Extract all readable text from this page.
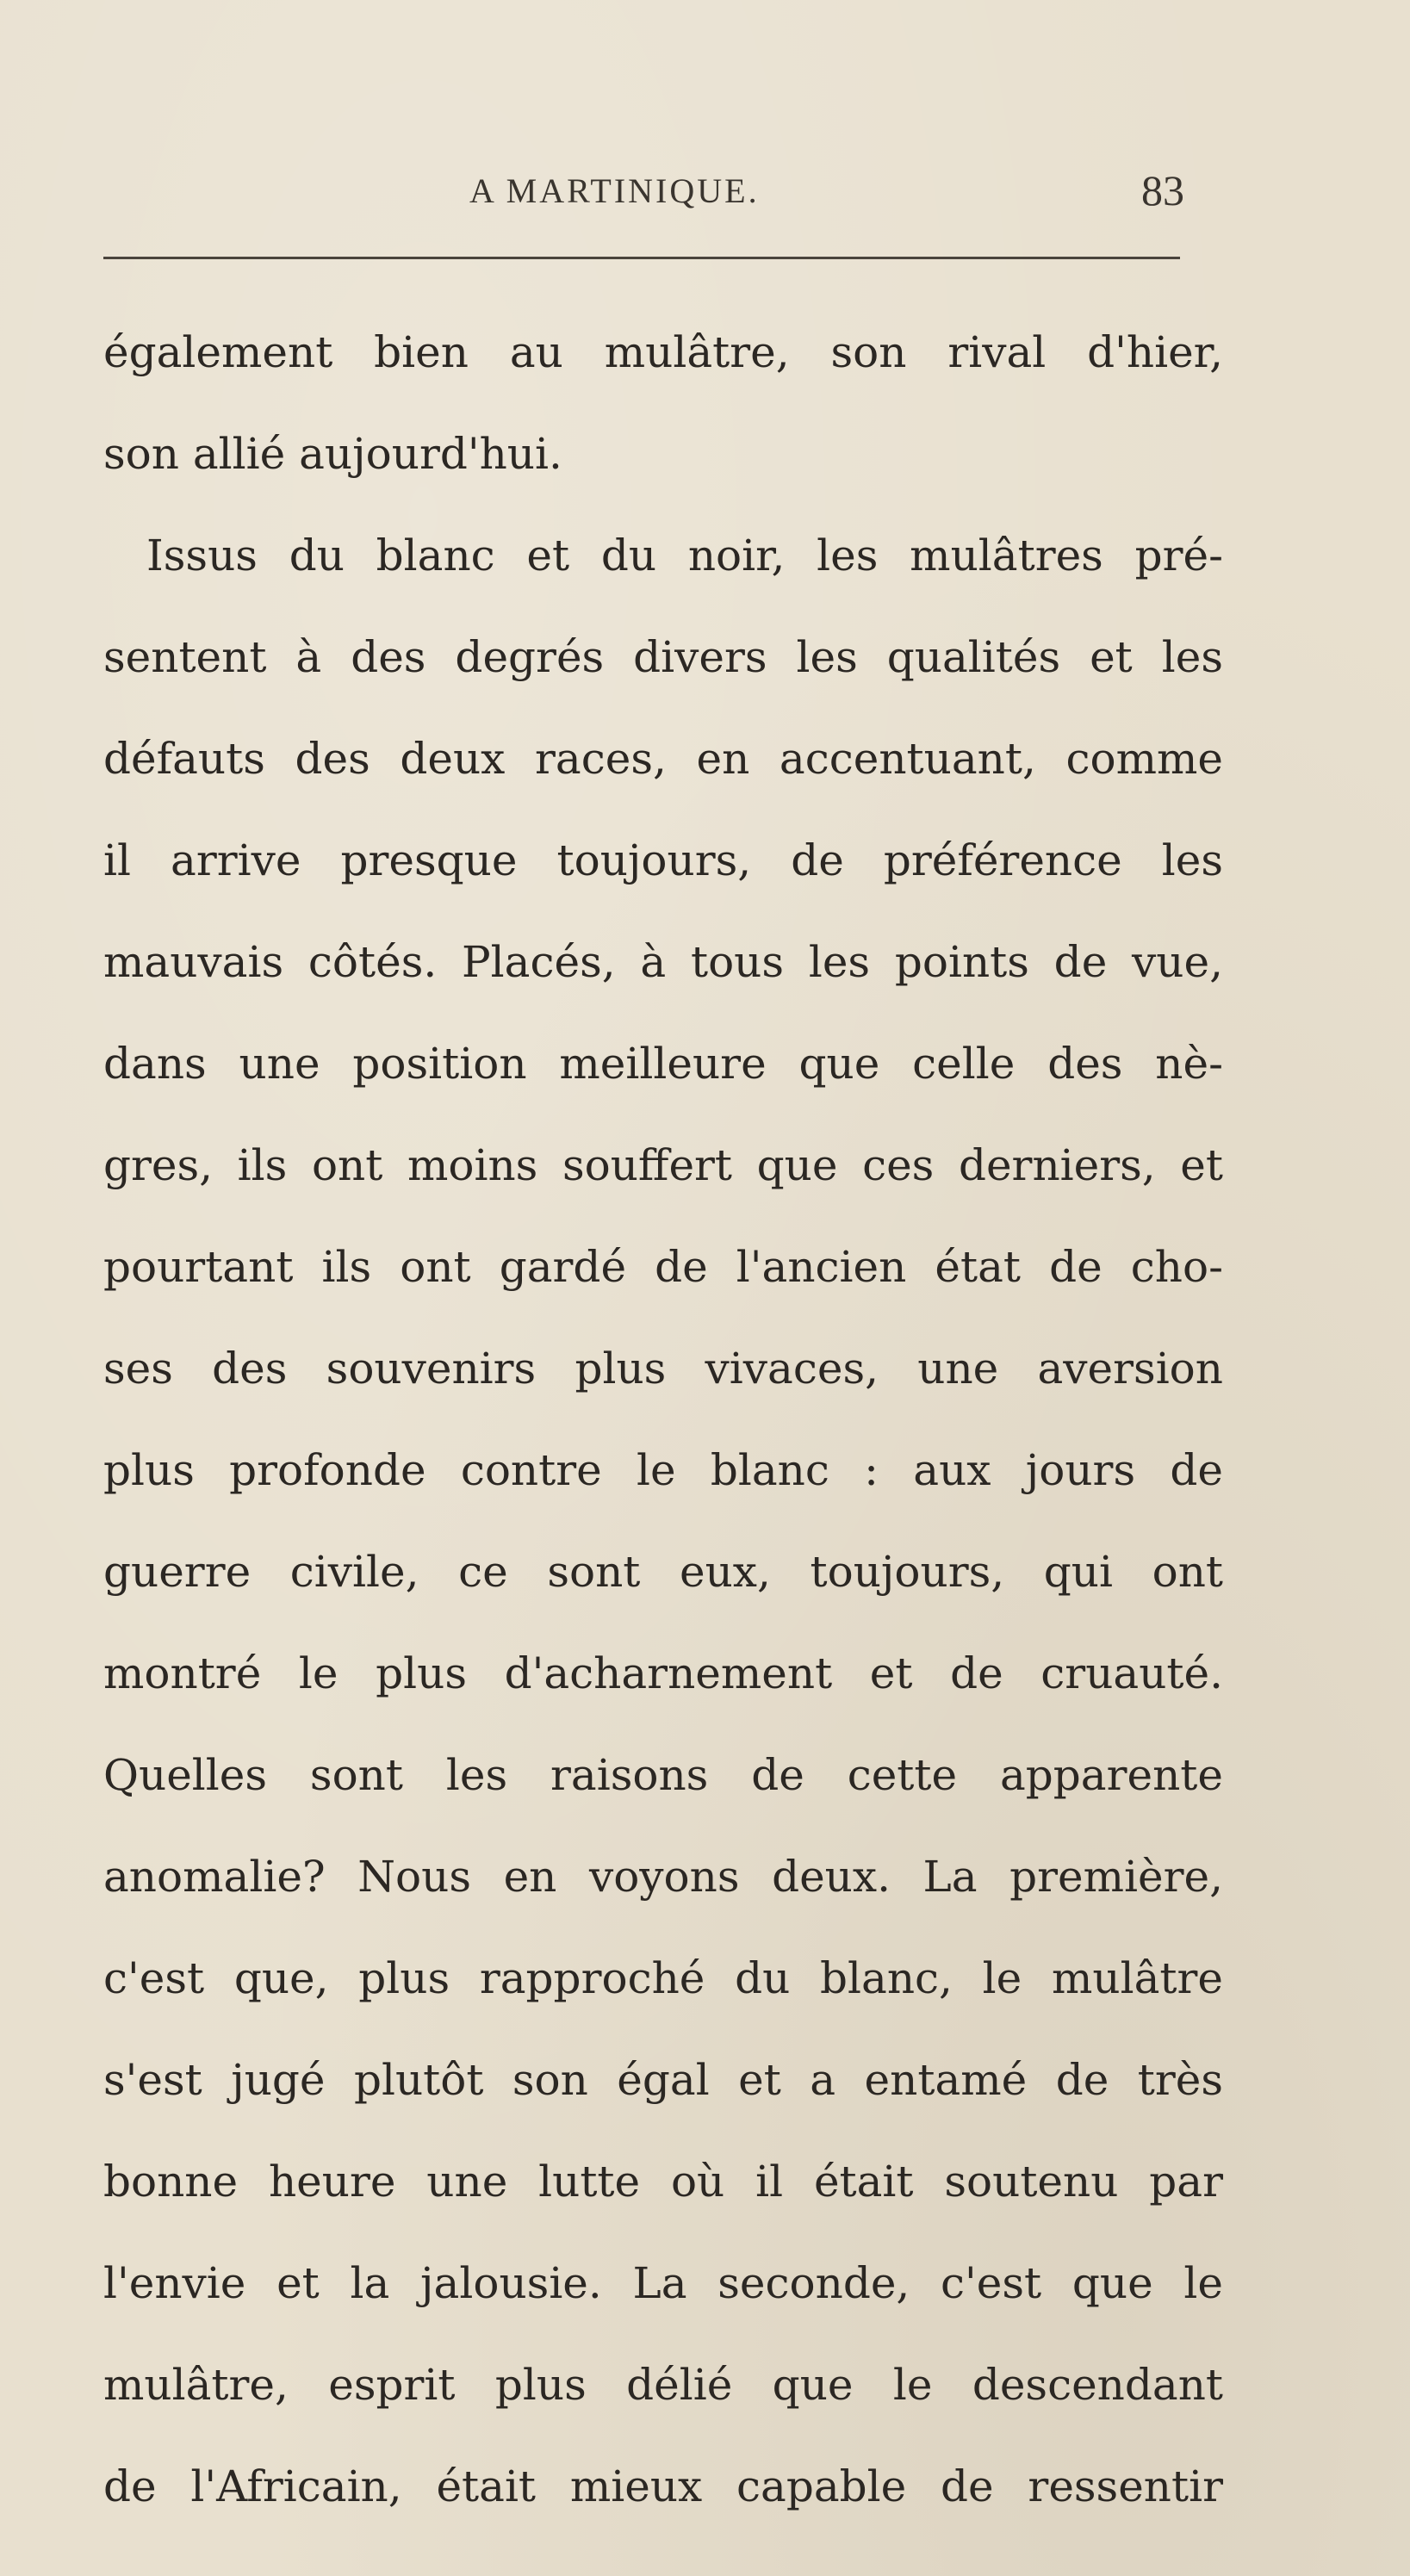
A MARTINIQUE.	83
également bien au mulâtre, son rival d'hier,
son allié aujourd'hui.
Issus du blanc et du noir, les mulâtres pré-
sentent à des degrés divers les qualités et les
défauts des deux races, en accentuant, comme
il arrive presque toujours, de préférence les
mauvais côtés. Placés, à tous les points de vue,
dans une position meilleure que celle des nè-
gres, ils ont moins souffert que ces derniers, et
pourtant ils ont gardé de l'ancien état de cho-
ses des souvenirs plus vivaces, une aversion
plus profonde contre le blanc : aux jours de
guerre civile, ce sont eux, toujours, qui ont
montré le plus d'acharnement et de cruauté.
Quelles sont les raisons de cette apparente
anomalie? Nous en voyons deux. La première,
c'est que, plus rapproché du blanc, le mulâtre
s'est jugé plutôt son égal et a entamé de très
bonne heure une lutte où il était soutenu par
l'envie et la jalousie. La seconde, c'est que le
mulâtre, esprit plus délié que le descendant
de l'Africain, était mieux capable de ressentir
